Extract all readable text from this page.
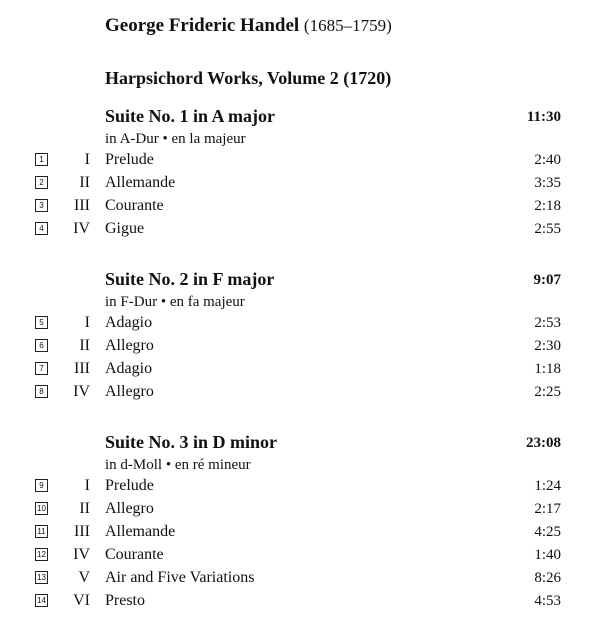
George Frideric Handel (1685–1759)
Harpsichord Works, Volume 2 (1720)
Suite No. 1 in A major	11:30
in A-Dur • en la majeur
1	I Prelude	2:40
2 II Allemande	3:35
3 III Courante	2:18
4 IV Gigue	2:55
Suite No. 2 in F major	9:07
in F-Dur • en fa majeur
5	I Adagio	2:53
6 II Allegro	2:30
7 III Adagio	1:18
8 IV Allegro	2:25
Suite No. 3 in D minor	23:08
in d-Moll • en ré mineur
9	I Prelude	1:24
10 II Allegro	2:17
11 III Allemande	4:25
12 IV Courante	1:40
13 V Air and Five Variations	8:26
14 VI Presto	4:53
